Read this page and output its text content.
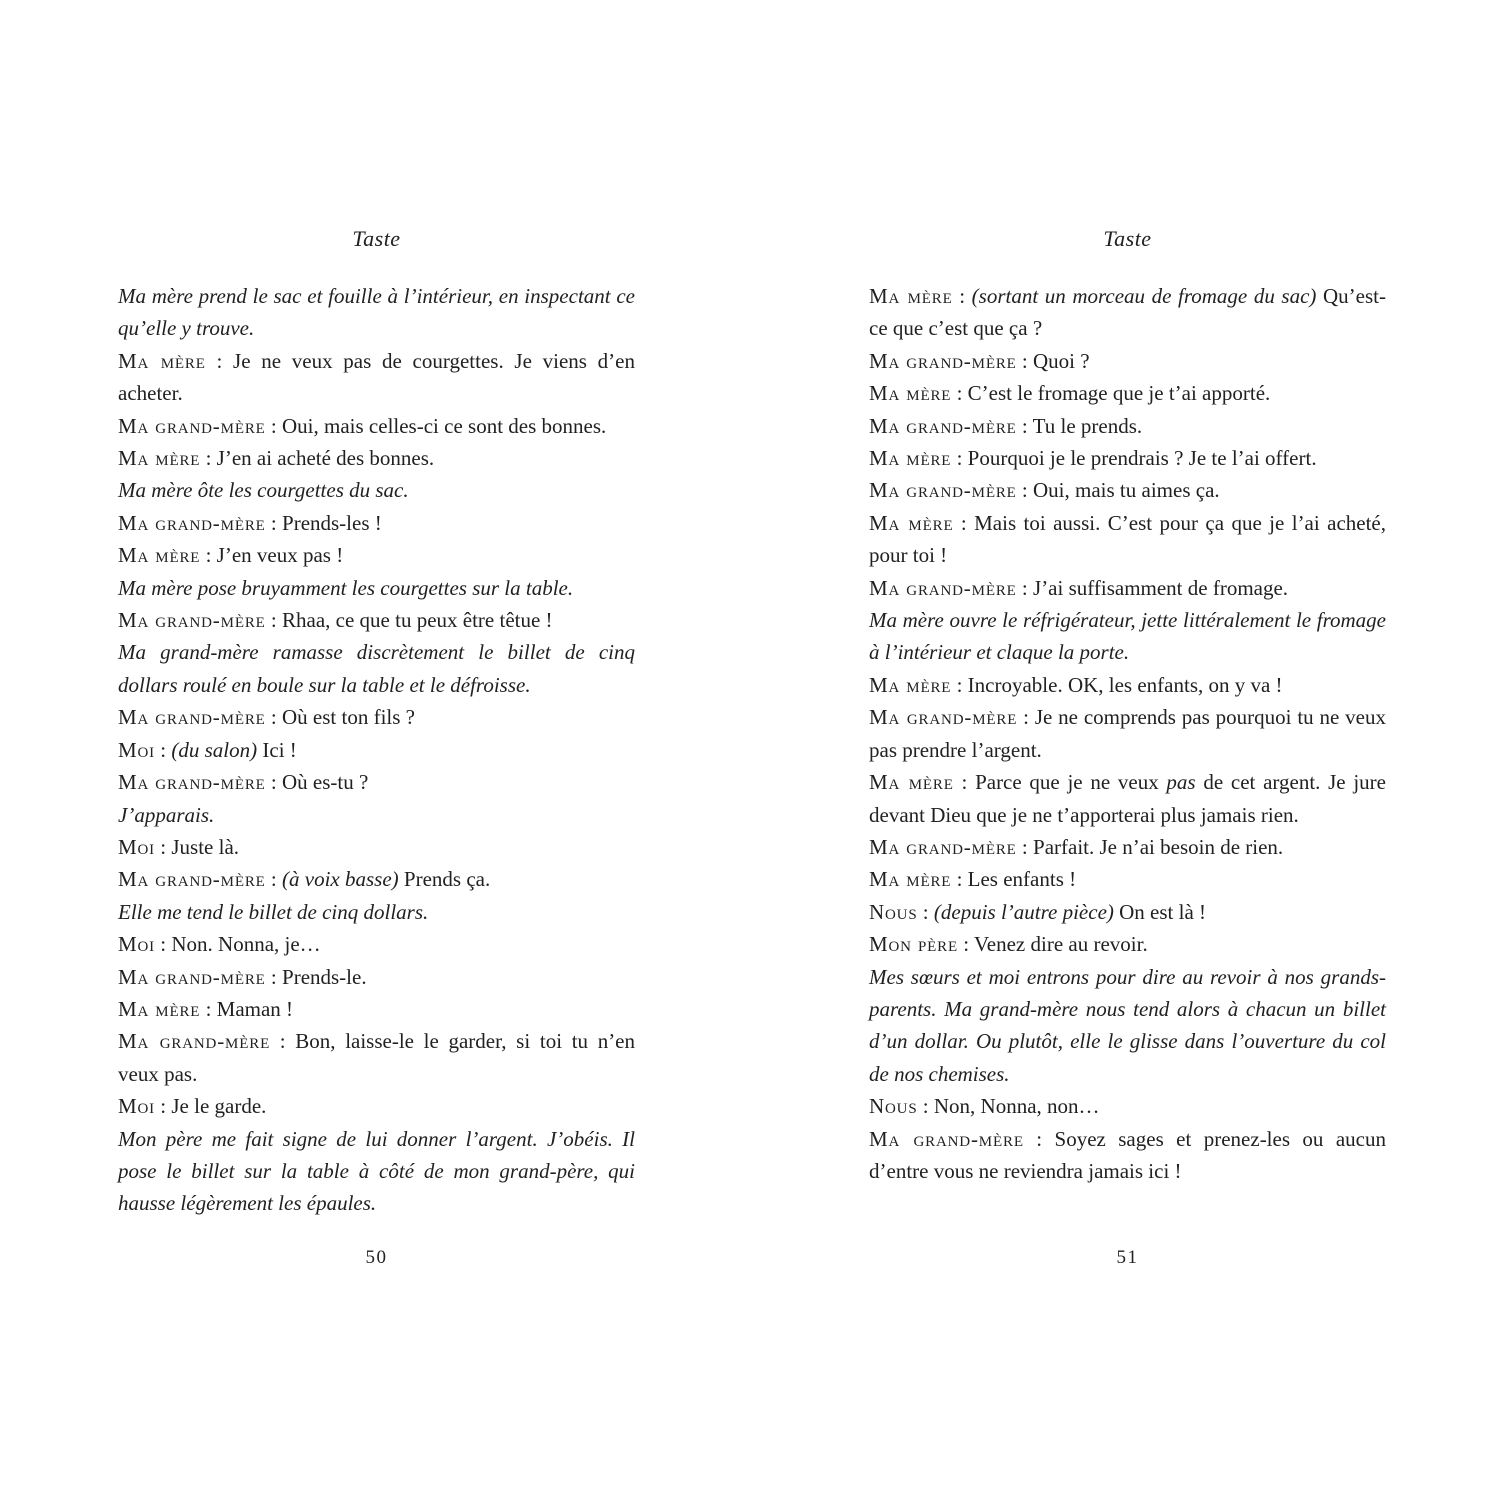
Taste

Ma mère prend le sac et fouille à l’intérieur, en inspectant ce qu’elle y trouve.

Ma mère : Je ne veux pas de courgettes. Je viens d’en acheter.

Ma grand-mère : Oui, mais celles-ci ce sont des bonnes.

Ma mère : J’en ai acheté des bonnes.

Ma mère ôte les courgettes du sac.

Ma grand-mère : Prends-les !

Ma mère : J’en veux pas !

Ma mère pose bruyamment les courgettes sur la table.

Ma grand-mère : Rhaa, ce que tu peux être têtue !

Ma grand-mère ramasse discrètement le billet de cinq dollars roulé en boule sur la table et le défroisse.

Ma grand-mère : Où est ton fils ?

Moi : (du salon) Ici !

Ma grand-mère : Où es-tu ?

J’apparais.

Moi : Juste là.

Ma grand-mère : (à voix basse) Prends ça.

Elle me tend le billet de cinq dollars.

Moi : Non. Nonna, je…

Ma grand-mère : Prends-le.

Ma mère : Maman !

Ma grand-mère : Bon, laisse-le le garder, si toi tu n’en veux pas.

Moi : Je le garde.

Mon père me fait signe de lui donner l’argent. J’obéis. Il pose le billet sur la table à côté de mon grand-père, qui hausse légèrement les épaules.

50
Taste

Ma mère : (sortant un morceau de fromage du sac) Qu’est-ce que c’est que ça ?

Ma grand-mère : Quoi ?

Ma mère : C’est le fromage que je t’ai apporté.

Ma grand-mère : Tu le prends.

Ma mère : Pourquoi je le prendrais ? Je te l’ai offert.

Ma grand-mère : Oui, mais tu aimes ça.

Ma mère : Mais toi aussi. C’est pour ça que je l’ai acheté, pour toi !

Ma grand-mère : J’ai suffisamment de fromage.

Ma mère ouvre le réfrigérateur, jette littéralement le fromage à l’intérieur et claque la porte.

Ma mère : Incroyable. OK, les enfants, on y va !

Ma grand-mère : Je ne comprends pas pourquoi tu ne veux pas prendre l’argent.

Ma mère : Parce que je ne veux pas de cet argent. Je jure devant Dieu que je ne t’apporterai plus jamais rien.

Ma grand-mère : Parfait. Je n’ai besoin de rien.

Ma mère : Les enfants !

Nous : (depuis l’autre pièce) On est là !

Mon père : Venez dire au revoir.

Mes sœurs et moi entrons pour dire au revoir à nos grands-parents. Ma grand-mère nous tend alors à chacun un billet d’un dollar. Ou plutôt, elle le glisse dans l’ouverture du col de nos chemises.

Nous : Non, Nonna, non…

Ma grand-mère : Soyez sages et prenez-les ou aucun d’entre vous ne reviendra jamais ici !

51
